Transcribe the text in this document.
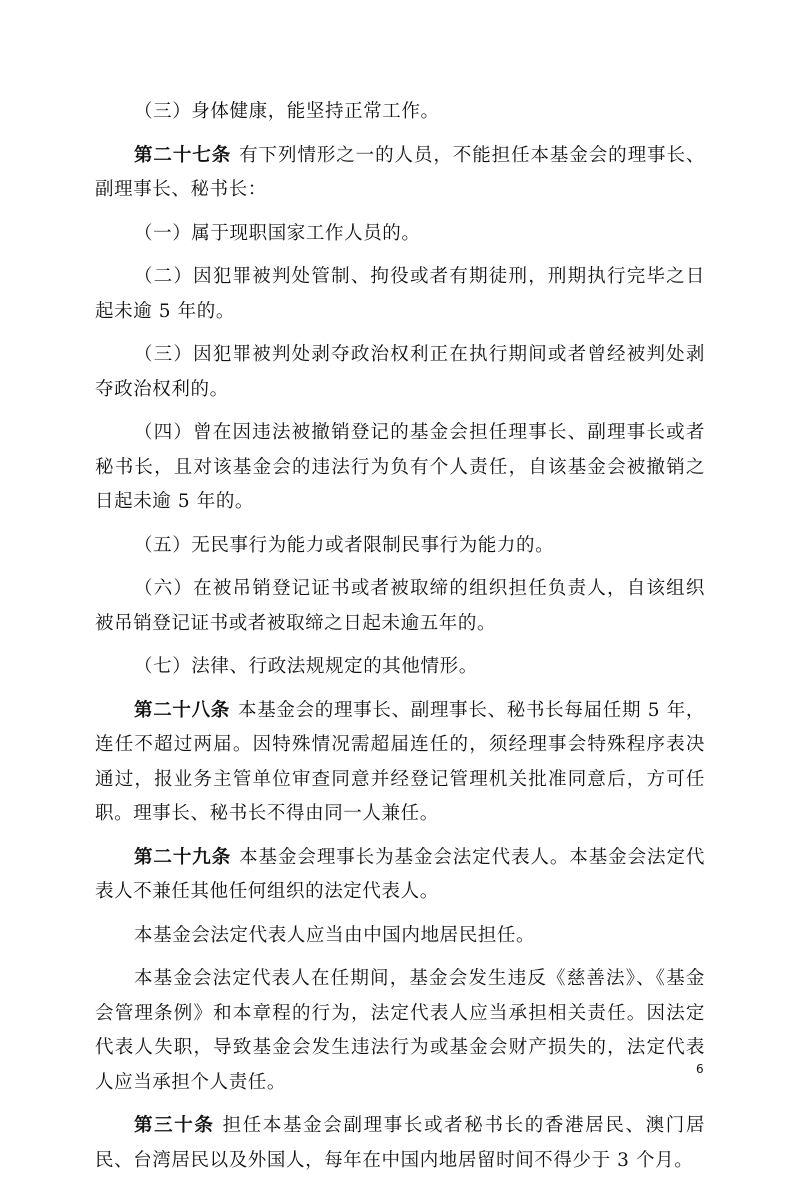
（三）身体健康，能坚持正常工作。

第二十七条 有下列情形之一的人员，不能担任本基金会的理事长、副理事长、秘书长：

（一）属于现职国家工作人员的。

（二）因犯罪被判处管制、拘役或者有期徒刑，刑期执行完毕之日起未逾 5 年的。

（三）因犯罪被判处剥夺政治权利正在执行期间或者曾经被判处剥夺政治权利的。

（四）曾在因违法被撤销登记的基金会担任理事长、副理事长或者秘书长，且对该基金会的违法行为负有个人责任，自该基金会被撤销之日起未逾 5 年的。

（五）无民事行为能力或者限制民事行为能力的。

（六）在被吊销登记证书或者被取缔的组织担任负责人，自该组织被吊销登记证书或者被取缔之日起未逾五年的。

（七）法律、行政法规规定的其他情形。

第二十八条 本基金会的理事长、副理事长、秘书长每届任期 5 年，连任不超过两届。因特殊情况需超届连任的，须经理事会特殊程序表决通过，报业务主管单位审查同意并经登记管理机关批准同意后，方可任职。理事长、秘书长不得由同一人兼任。

第二十九条 本基金会理事长为基金会法定代表人。本基金会法定代表人不兼任其他任何组织的法定代表人。

本基金会法定代表人应当由中国内地居民担任。

本基金会法定代表人在任期间，基金会发生违反《慈善法》、《基金会管理条例》和本章程的行为，法定代表人应当承担相关责任。因法定代表人失职，导致基金会发生违法行为或基金会财产损失的，法定代表人应当承担个人责任。

第三十条 担任本基金会副理事长或者秘书长的香港居民、澳门居民、台湾居民以及外国人，每年在中国内地居留时间不得少于 3 个月。

6
